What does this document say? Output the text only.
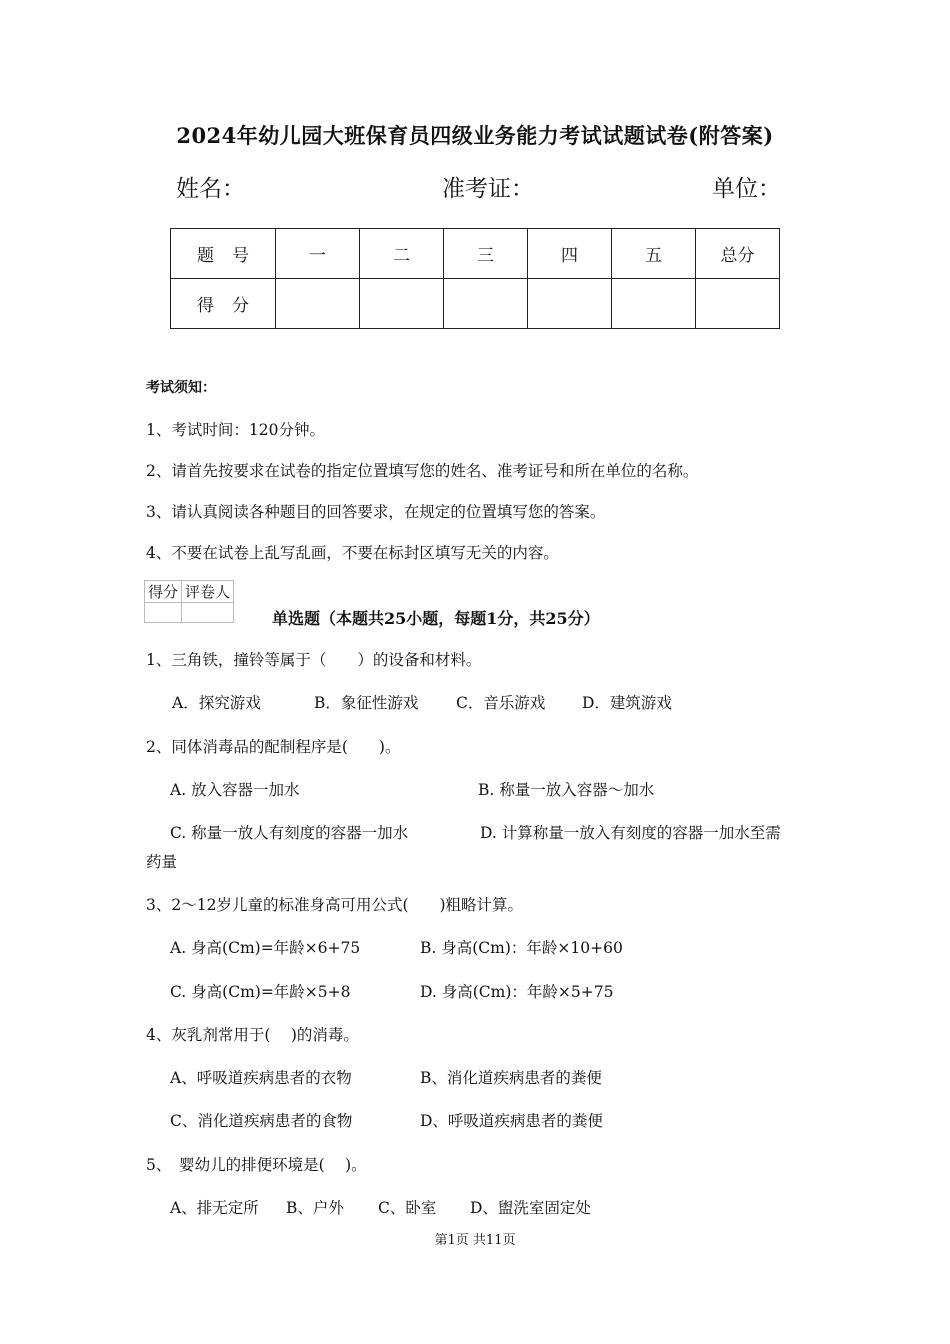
2024年幼儿园大班保育员四级业务能力考试试题试卷(附答案)
姓名：	准考证：	单位：
题号	一	二	三	四	五	总分
得分						
考试须知：
1、考试时间：120分钟。
2、请首先按要求在试卷的指定位置填写您的姓名、准考证号和所在单位的名称。
3、请认真阅读各种题目的回答要求，在规定的位置填写您的答案。
4、不要在试卷上乱写乱画，不要在标封区填写无关的内容。
得分	评卷人

单选题（本题共25小题，每题1分，共25分）
1、三角铁，撞铃等属于（　　）的设备和材料。
A．探究游戏	B．象征性游戏 C．音乐游戏 D．建筑游戏
2、同体消毒品的配制程序是(　　)。
A. 放入容器一加水	B. 称量一放入容器～加水
C. 称量一放人有刻度的容器一加水	D. 计算称量一放入有刻度的容器一加水至需
药量
3、2～12岁儿童的标准身高可用公式(　　)粗略计算。
A. 身高(Cm)=年龄×6+75	B. 身高(Cm)：年龄×10+60
C. 身高(Cm)=年龄×5+8	D. 身高(Cm)：年龄×5+75
4、灰乳剂常用于(　 )的消毒。
A、呼吸道疾病患者的衣物	B、消化道疾病患者的粪便
C、消化道疾病患者的食物	D、呼吸道疾病患者的粪便
5、　婴幼儿的排便环境是(　 )。
A、排无定所 B、户外 C、卧室 D、盥洗室固定处
第1页 共11页
